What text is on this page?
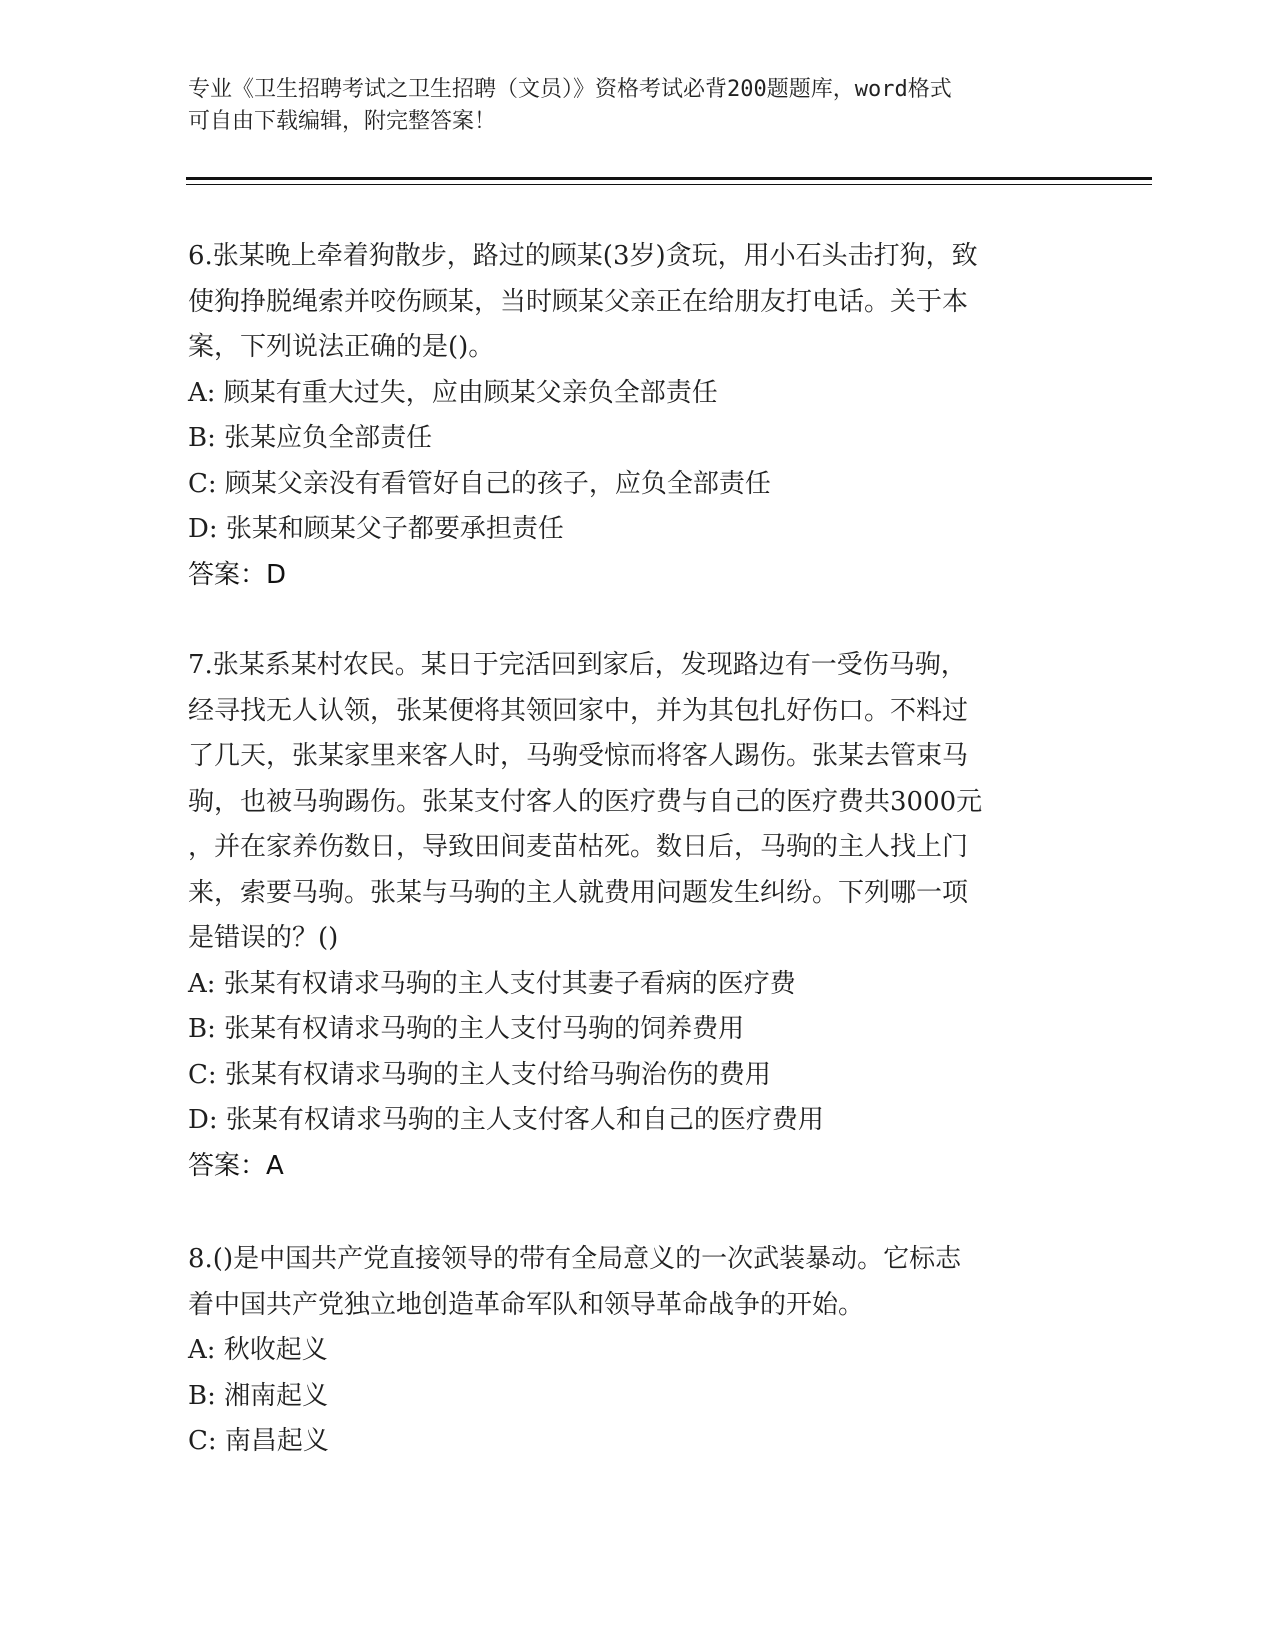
专业《卫生招聘考试之卫生招聘（文员）》资格考试必背200题题库，word格式
可自由下载编辑，附完整答案！
6.张某晚上牵着狗散步，路过的顾某(3岁)贪玩，用小石头击打狗，致
使狗挣脱绳索并咬伤顾某，当时顾某父亲正在给朋友打电话。关于本
案，下列说法正确的是()。
A: 顾某有重大过失，应由顾某父亲负全部责任
B: 张某应负全部责任
C: 顾某父亲没有看管好自己的孩子，应负全部责任
D: 张某和顾某父子都要承担责任
答案：D
7.张某系某村农民。某日于完活回到家后，发现路边有一受伤马驹，
经寻找无人认领，张某便将其领回家中，并为其包扎好伤口。不料过
了几天，张某家里来客人时，马驹受惊而将客人踢伤。张某去管束马
驹，也被马驹踢伤。张某支付客人的医疗费与自己的医疗费共3000元
，并在家养伤数日，导致田间麦苗枯死。数日后，马驹的主人找上门
来，索要马驹。张某与马驹的主人就费用问题发生纠纷。下列哪一项
是错误的？()
A: 张某有权请求马驹的主人支付其妻子看病的医疗费
B: 张某有权请求马驹的主人支付马驹的饲养费用
C: 张某有权请求马驹的主人支付给马驹治伤的费用
D: 张某有权请求马驹的主人支付客人和自己的医疗费用
答案：A
8.()是中国共产党直接领导的带有全局意义的一次武装暴动。它标志
着中国共产党独立地创造革命军队和领导革命战争的开始。
A: 秋收起义
B: 湘南起义
C: 南昌起义
